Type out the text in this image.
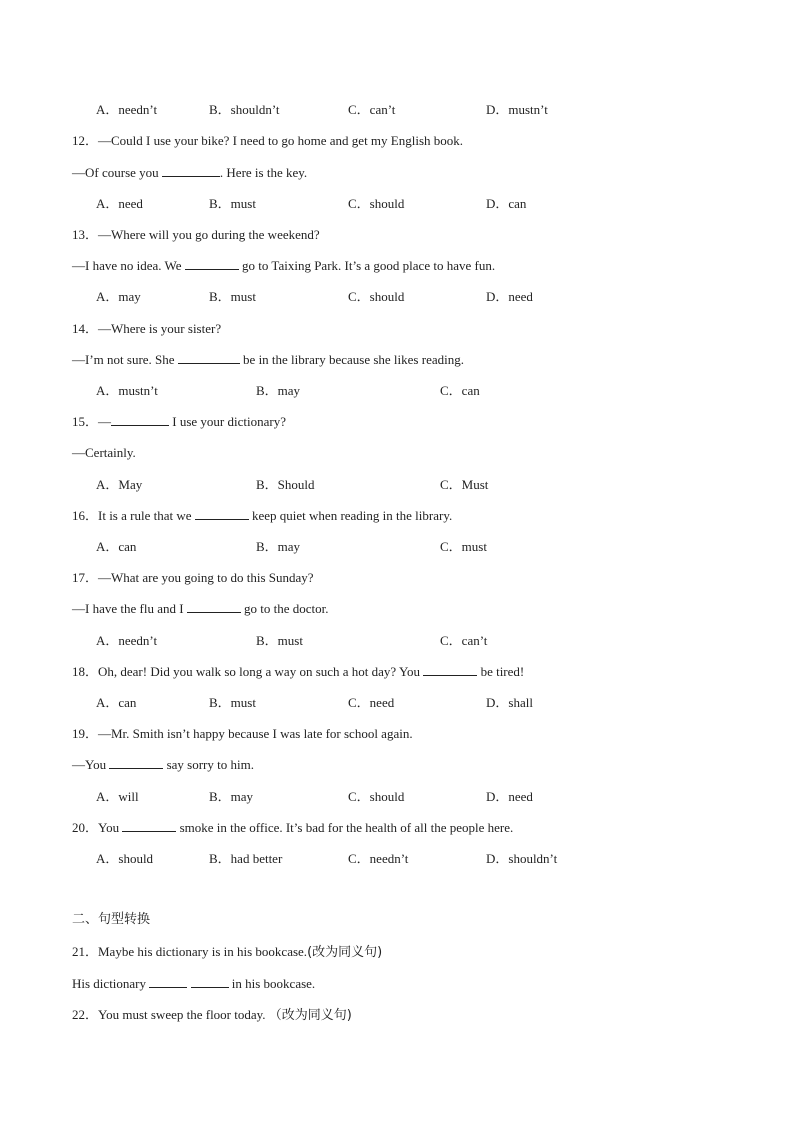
A．needn’t	B．shouldn’t	C．can’t	D．mustn’t
12．—Could I use your bike? I need to go home and get my English book.
—Of course you	. Here is the key.
A．need	B．must	C．should	D．can
13．—Where will you go during the weekend?
—I have no idea. We	go to Taixing Park. It’s a good place to have fun.
A．may	B．must	C．should	D．need
14．—Where is your sister?
—I’m not sure. She	be in the library because she likes reading.
A．mustn’t	B．may	C．can
15．—	I use your dictionary?
—Certainly.
A．May	B．Should	C．Must
16．It is a rule that we	keep quiet when reading in the library.
A．can	B．may	C．must
17．—What are you going to do this Sunday?
—I have the flu and I	go to the doctor.
A．needn’t	B．must	C．can’t
18．Oh, dear! Did you walk so long a way on such a hot day? You	be tired!
A．can	B．must	C．need	D．shall
19．—Mr. Smith isn’t happy because I was late for school again.
—You	say sorry to him.
A．will	B．may	C．should	D．need
20．You	smoke in the office. It’s bad for the health of all the people here.
A．should	B．had better	C．needn’t	D．shouldn’t
二、句型转换
21．Maybe his dictionary is in his bookcase.(改为同义句)
His dictionary	in his bookcase.
22．You must sweep the floor today. （改为同义句)
